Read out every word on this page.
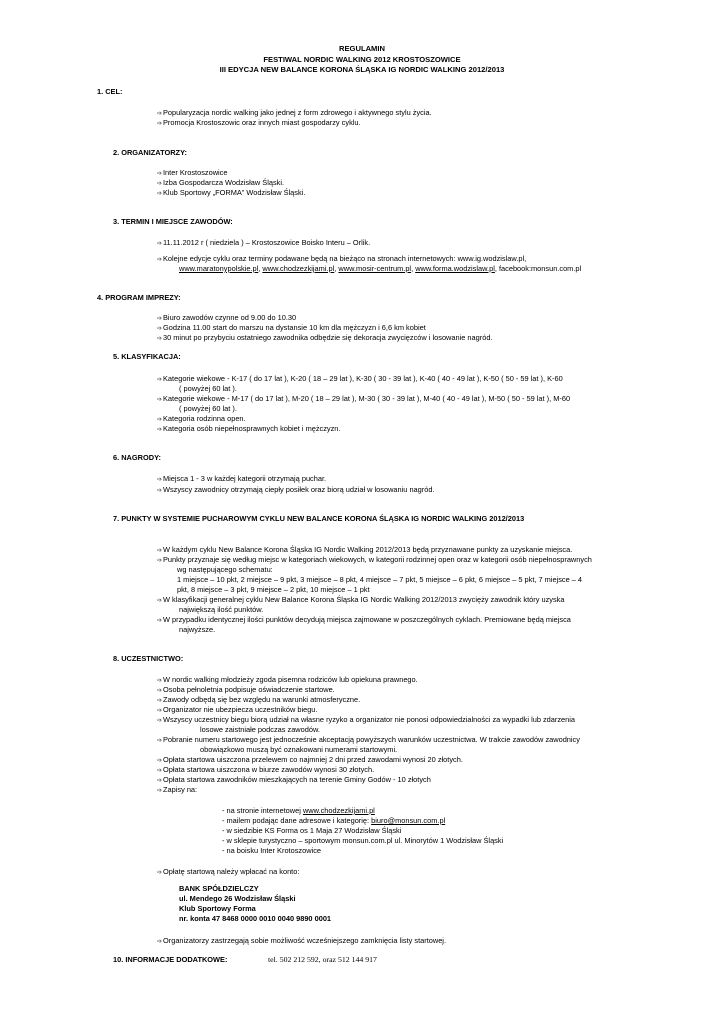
REGULAMIN
FESTIWAL NORDIC WALKING 2012 KROSTOSZOWICE
III EDYCJA NEW BALANCE KORONA ŚLĄSKA IG NORDIC WALKING 2012/2013
1. CEL:
➩Popularyzacja nordic walking jako jednej z form zdrowego i aktywnego stylu życia.
➩Promocja Krostoszowic oraz innych miast gospodarzy cyklu.
2. ORGANIZATORZY:
➩Inter Krostoszowice
➩Izba Gospodarcza Wodzisław Śląski.
➩Klub Sportowy „FORMA” Wodzisław Śląski.
3. TERMIN I MIEJSCE ZAWODÓW:
➩11.11.2012 r ( niedziela ) – Krostoszowice Boisko Interu – Orlik.
➩Kolejne edycje cyklu oraz terminy podawane będą na bieżąco na stronach internetowych: www.ig.wodzislaw.pl,
www.maratonypolskie.pl, www.chodzezkijami.pl, www.mosir-centrum.pl, www.forma.wodzislaw.pl, facebook:monsun.com.pl
4. PROGRAM IMPREZY:
➩Biuro zawodów czynne od 9.00 do 10.30
➩Godzina 11.00 start do marszu na dystansie 10 km dla mężczyzn i 6,6 km kobiet
➩30 minut po przybyciu ostatniego zawodnika odbędzie się dekoracja zwycięzców i losowanie nagród.
5. KLASYFIKACJA:
➩Kategorie wiekowe - K-17 ( do 17 lat ), K-20 ( 18 – 29 lat ), K-30 ( 30 - 39 lat ), K-40 ( 40 - 49 lat ), K-50 ( 50 - 59 lat ), K-60
( powyżej 60 lat ).
➩Kategorie wiekowe - M-17 ( do 17 lat ), M-20 ( 18 – 29 lat ), M-30 ( 30 - 39 lat ), M-40 ( 40 - 49 lat ), M-50 ( 50 - 59 lat ), M-60
( powyżej 60 lat ).
➩Kategoria rodzinna open.
➩Kategoria osób niepełnosprawnych kobiet i mężczyzn.
6. NAGRODY:
➩Miejsca 1 - 3 w każdej kategorii otrzymają puchar.
➩Wszyscy zawodnicy otrzymają ciepły posiłek oraz biorą udział w losowaniu nagród.
7. PUNKTY W SYSTEMIE PUCHAROWYM CYKLU NEW BALANCE KORONA ŚLĄSKA IG NORDIC WALKING 2012/2013
➩W każdym cyklu New Balance Korona Śląska IG Nordic Walking 2012/2013 będą przyznawane punkty za uzyskanie miejsca.
➩Punkty przyznaje się według miejsc w kategoriach wiekowych, w kategorii rodzinnej open oraz w kategorii osób niepełnosprawnych
wg następującego schematu:
1 miejsce – 10 pkt, 2 miejsce – 9 pkt, 3 miejsce – 8 pkt, 4 miejsce – 7 pkt, 5 miejsce – 6 pkt, 6 miejsce – 5 pkt, 7 miejsce – 4
pkt, 8 miejsce – 3 pkt, 9 miejsce – 2 pkt, 10 miejsce – 1 pkt
➩W klasyfikacji generalnej cyklu New Balance Korona Śląska IG Nordic Walking 2012/2013 zwycięży zawodnik który uzyska
największą ilość punktów.
➩W przypadku identycznej ilości punktów decydują miejsca zajmowane w poszczególnych cyklach. Premiowane będą miejsca
najwyższe.
8. UCZESTNICTWO:
➩W nordic walking młodzieży zgoda pisemna rodziców lub opiekuna prawnego.
➩Osoba pełnoletnia podpisuje oświadczenie startowe.
➩Zawody odbędą się bez względu na warunki atmosferyczne.
➩Organizator nie ubezpiecza uczestników biegu.
➩Wszyscy uczestnicy biegu biorą udział na własne ryzyko a organizator nie ponosi odpowiedzialności za wypadki lub zdarzenia
losowe zaistniałe podczas zawodów.
➩Pobranie numeru startowego jest jednocześnie akceptacją powyższych warunków uczestnictwa. W trakcie zawodów zawodnicy
obowiązkowo muszą być oznakowani numerami startowymi.
➩Opłata startowa uiszczona przelewem co najmniej 2 dni przed zawodami wynosi 20 złotych.
➩Opłata startowa uiszczona w biurze zawodów wynosi 30 złotych.
➩Opłata startowa zawodników mieszkających na terenie Gminy Godów - 10 złotych
➩Zapisy na:
- na stronie internetowej www.chodzezkijami.pl
- mailem podając dane adresowe i kategorię: biuro@monsun.com.pl
- w siedzibie KS Forma os 1 Maja 27 Wodzisław Śląski
- w sklepie turystyczno – sportowym monsun.com.pl ul. Minorytów 1 Wodzisław Śląski
- na boisku Inter Krotoszowice
➩Opłatę startową należy wpłacać na konto:
BANK SPÓŁDZIELCZY
ul. Mendego 26 Wodzisław Śląski
Klub Sportowy Forma
nr. konta 47 8468 0000 0010 0040 9890 0001
➩Organizatorzy zastrzegają sobie możliwość wcześniejszego zamknięcia listy startowej.
10. INFORMACJE DODATKOWE:	tel. 502 212 592, oraz 512 144 917
